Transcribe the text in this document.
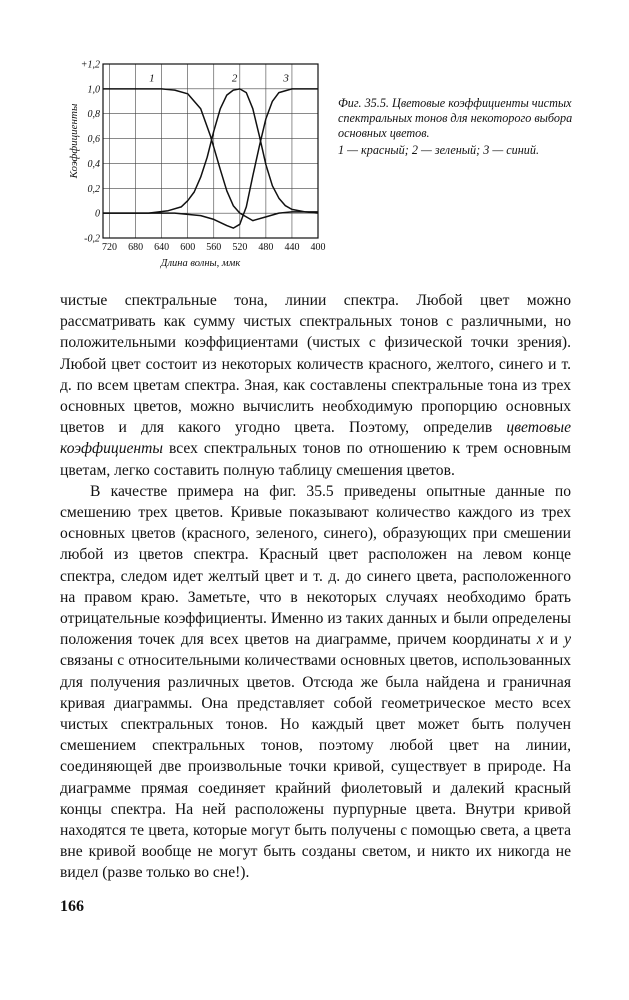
+1,2
1,0
0,8
0,6
0,4
0,2
0
-0,2
720 680 640 600 560 520 480 440 400
Длина волны, ммк
Коэффициенты
1	2	3
Фиг. 35.5. Цветовые коэффициенты чистых спектральных тонов для некоторого выбора основных цветов.
1 — красный; 2 — зеленый; 3 — синий.

чистые спектральные тона, линии спектра. Любой цвет можно рассматривать как сумму чистых спектральных тонов с различными, но положительными коэффициентами (чистых с физической точки зрения). Любой цвет состоит из некоторых количеств красного, желтого, синего и т. д. по всем цветам спектра. Зная, как составлены спектральные тона из трех основных цветов, можно вычислить необходимую пропорцию основных цветов и для какого угодно цвета. Поэтому, определив цветовые коэффициенты всех спектральных тонов по отношению к трем основным цветам, легко составить полную таблицу смешения цветов.

В качестве примера на фиг. 35.5 приведены опытные данные по смешению трех цветов. Кривые показывают количество каждого из трех основных цветов (красного, зеленого, синего), образующих при смешении любой из цветов спектра. Красный цвет расположен на левом конце спектра, следом идет желтый цвет и т. д. до синего цвета, расположенного на правом краю. Заметьте, что в некоторых случаях необходимо брать отрицательные коэффициенты. Именно из таких данных и были определены положения точек для всех цветов на диаграмме, причем координаты x и y связаны с относительными количествами основных цветов, использованных для получения различных цветов. Отсюда же была найдена и граничная кривая диаграммы. Она представляет собой геометрическое место всех чистых спектральных тонов. Но каждый цвет может быть получен смешением спектральных тонов, поэтому любой цвет на линии, соединяющей две произвольные точки кривой, существует в природе. На диаграмме прямая соединяет крайний фиолетовый и далекий красный концы спектра. На ней расположены пурпурные цвета. Внутри кривой находятся те цвета, которые могут быть получены с помощью света, а цвета вне кривой вообще не могут быть созданы светом, и никто их никогда не видел (разве только во сне!).

166
